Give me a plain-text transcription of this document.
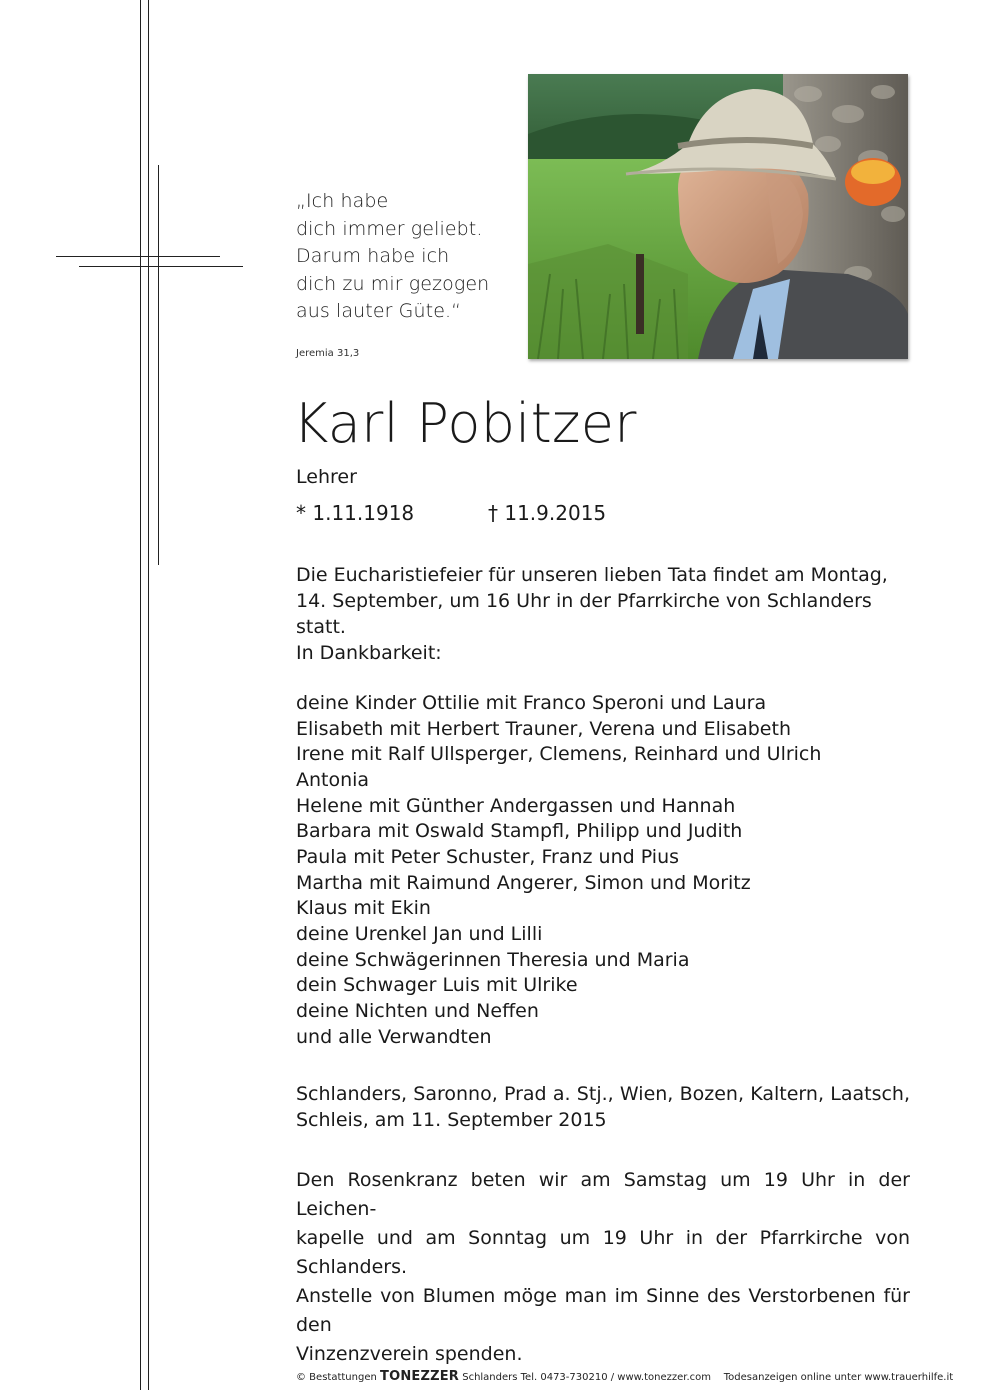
„Ich habe
dich immer geliebt.
Darum habe ich
dich zu mir gezogen
aus lauter Güte.“
Jeremia 31,3
Karl Pobitzer
Lehrer
* 1.11.1918	† 11.9.2015
Die Eucharistiefeier für unseren lieben Tata findet am Montag,
14. September, um 16 Uhr in der Pfarrkirche von Schlanders statt.
In Dankbarkeit:
deine Kinder Ottilie mit Franco Speroni und Laura
Elisabeth mit Herbert Trauner, Verena und Elisabeth
Irene mit Ralf Ullsperger, Clemens, Reinhard und Ulrich
Antonia
Helene mit Günther Andergassen und Hannah
Barbara mit Oswald Stampfl, Philipp und Judith
Paula mit Peter Schuster, Franz und Pius
Martha mit Raimund Angerer, Simon und Moritz
Klaus mit Ekin
deine Urenkel Jan und Lilli
deine Schwägerinnen Theresia und Maria
dein Schwager Luis mit Ulrike
deine Nichten und Neffen
und alle Verwandten
Schlanders, Saronno, Prad a. Stj., Wien, Bozen, Kaltern, Laatsch,
Schleis, am 11. September 2015
Den Rosenkranz beten wir am Samstag um 19 Uhr in der Leichen-
kapelle und am Sonntag um 19 Uhr in der Pfarrkirche von Schlanders.
Anstelle von Blumen möge man im Sinne des Verstorbenen für den
Vinzenzverein spenden.
© Bestattungen TONEZZER Schlanders Tel. 0473-730210 / www.tonezzer.com Todesanzeigen online unter www.trauerhilfe.it
